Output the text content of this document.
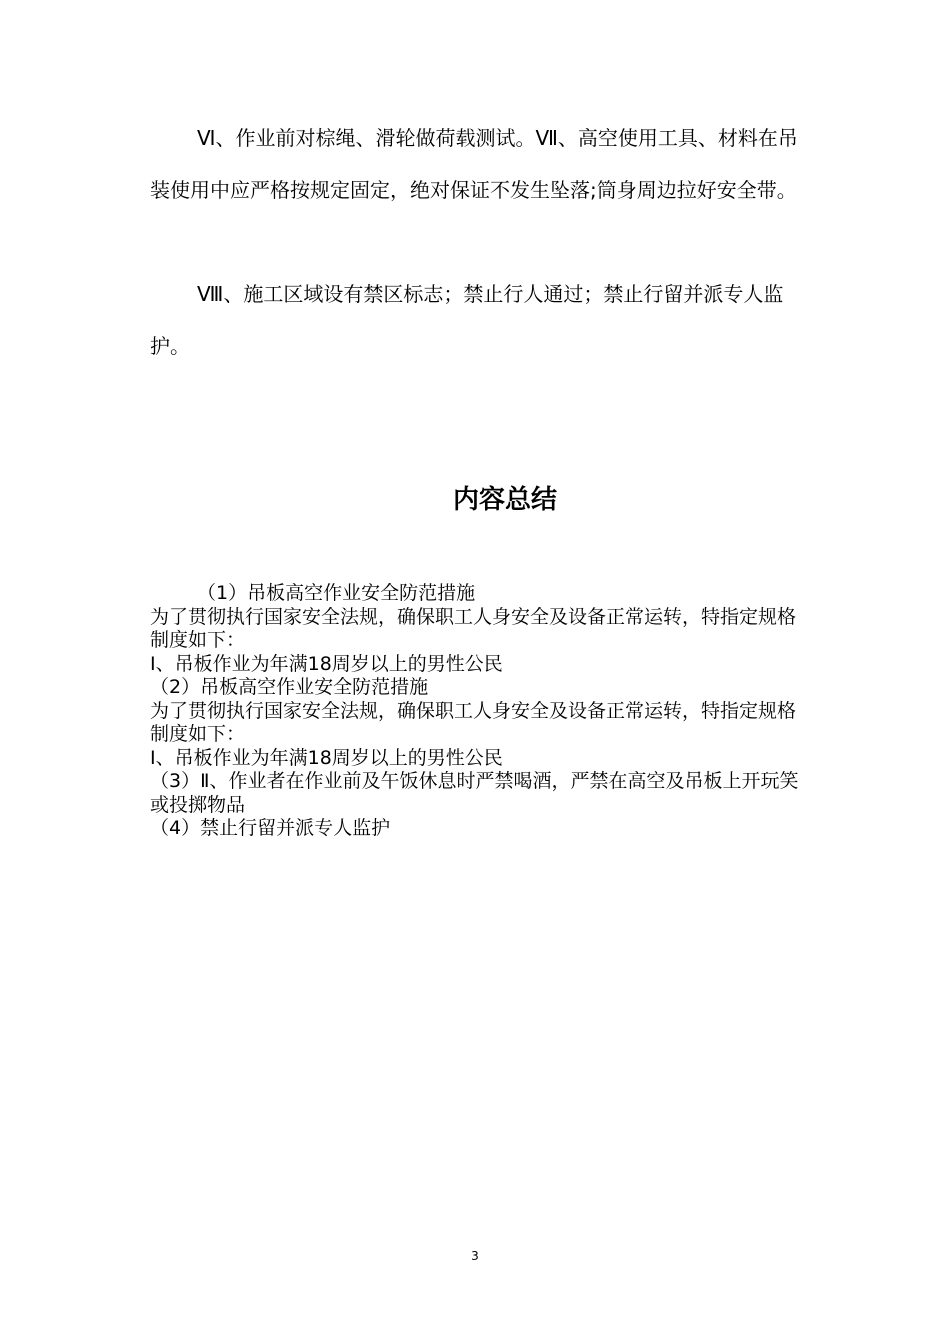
Ⅵ、作业前对棕绳、滑轮做荷载测试。Ⅶ、高空使用工具、材料在吊装使用中应严格按规定固定，绝对保证不发生坠落;筒身周边拉好安全带。

Ⅷ、施工区域设有禁区标志；禁止行人通过；禁止行留并派专人监护。

内容总结
（1）吊板高空作业安全防范措施
为了贯彻执行国家安全法规，确保职工人身安全及设备正常运转，特指定规格制度如下：
I、吊板作业为年满18周岁以上的男性公民
（2）吊板高空作业安全防范措施
为了贯彻执行国家安全法规，确保职工人身安全及设备正常运转，特指定规格制度如下：
I、吊板作业为年满18周岁以上的男性公民
（3）Ⅱ、作业者在作业前及午饭休息时严禁喝酒，严禁在高空及吊板上开玩笑或投掷物品
（4）禁止行留并派专人监护
3
